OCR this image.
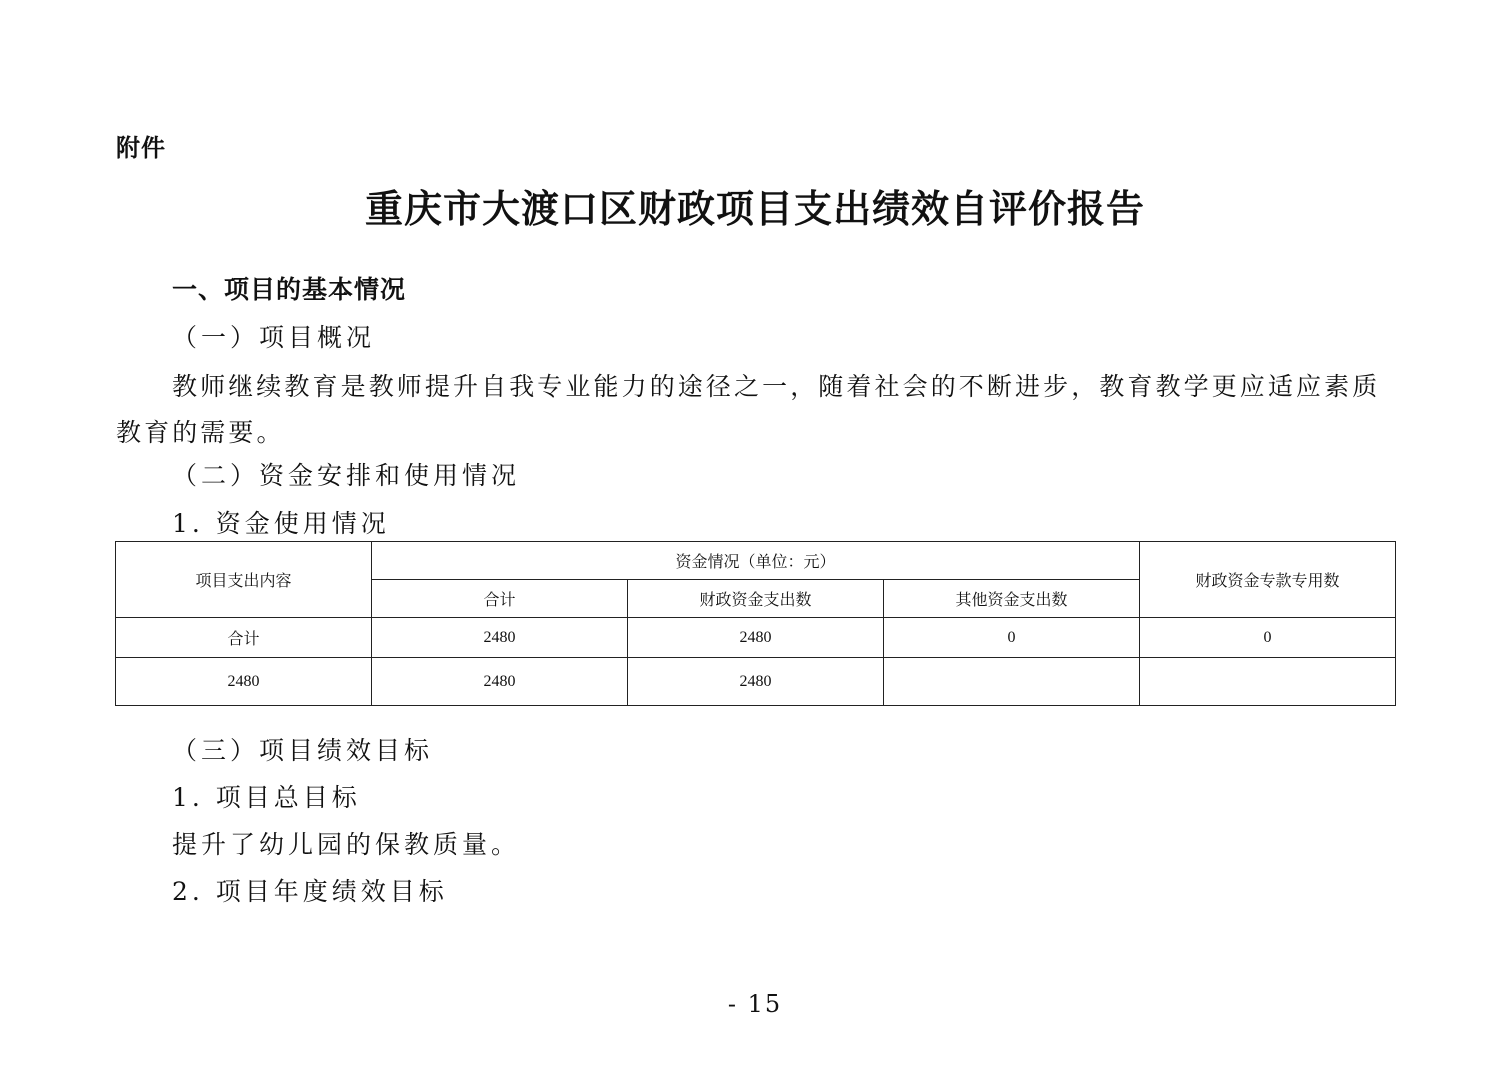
附件
重庆市大渡口区财政项目支出绩效自评价报告
一、项目的基本情况
（一）项目概况
教师继续教育是教师提升自我专业能力的途径之一，随着社会的不断进步，教育教学更应适应素质教育的需要。
（二）资金安排和使用情况
1. 资金使用情况
项目支出内容	资金情况（单位：元）			财政资金专款专用数
	合计	财政资金支出数	其他资金支出数	
合计	2480	2480	0	0
2480	2480	2480		
（三）项目绩效目标
1. 项目总目标
提升了幼儿园的保教质量。
2. 项目年度绩效目标
- 15
